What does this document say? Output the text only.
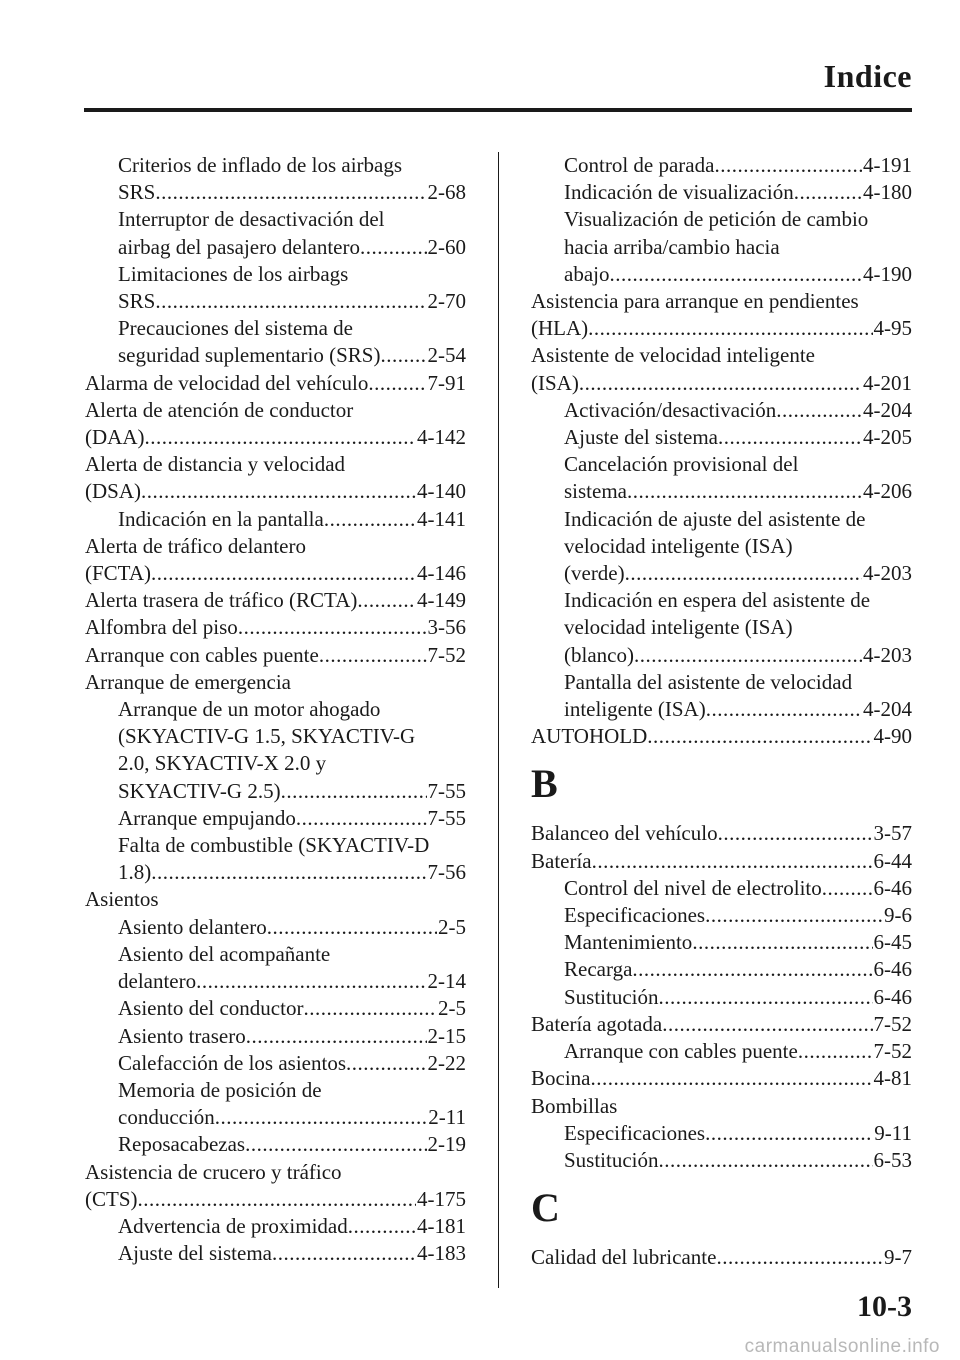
Indice
Criterios de inflado de los airbags
SRS .....	2-68
Interruptor de desactivación del
airbag del pasajero delantero .....	2-60
Limitaciones de los airbags
SRS .....	2-70
Precauciones del sistema de
seguridad suplementario (SRS) ..... 2-54
Alarma de velocidad del vehículo .....	7-91
Alerta de atención de conductor
(DAA) .....	4-142
Alerta de distancia y velocidad
(DSA) .....	4-140
Indicación en la pantalla .....	4-141
Alerta de tráfico delantero
(FCTA) .....	4-146
Alerta trasera de tráfico (RCTA) .....	4-149
Alfombra del piso .....	3-56
Arranque con cables puente .....	7-52
Arranque de emergencia
Arranque de un motor ahogado
(SKYACTIV-G 1.5, SKYACTIV-G
2.0, SKYACTIV-X 2.0 y
SKYACTIV-G 2.5) .....	7-55
Arranque empujando .....	7-55
Falta de combustible (SKYACTIV-D
1.8) .....	7-56
Asientos
Asiento delantero .....	2-5
Asiento del acompañante
delantero .....	2-14
Asiento del conductor .....	2-5
Asiento trasero .....	2-15
Calefacción de los asientos .....	2-22
Memoria de posición de
conducción .....	2-11
Reposacabezas .....	2-19
Asistencia de crucero y tráfico
(CTS) .....	4-175
Advertencia de proximidad .....	4-181
Ajuste del sistema .....	4-183
Control de parada .....	4-191
Indicación de visualización .....	4-180
Visualización de petición de cambio
hacia arriba/cambio hacia
abajo .....	4-190
Asistencia para arranque en pendientes
(HLA) .....	4-95
Asistente de velocidad inteligente
(ISA) .....	4-201
Activación/desactivación .....	4-204
Ajuste del sistema .....	4-205
Cancelación provisional del
sistema .....	4-206
Indicación de ajuste del asistente de
velocidad inteligente (ISA)
(verde) .....	4-203
Indicación en espera del asistente de
velocidad inteligente (ISA)
(blanco) .....	4-203
Pantalla del asistente de velocidad
inteligente (ISA) .....	4-204
AUTOHOLD .....	4-90
B
Balanceo del vehículo .....	3-57
Batería .....	6-44
Control del nivel de electrolito ..... 6-46
Especificaciones .....	9-6
Mantenimiento .....	6-45
Recarga .....	6-46
Sustitución .....	6-46
Batería agotada .....	7-52
Arranque con cables puente .....	7-52
Bocina .....	4-81
Bombillas
Especificaciones .....	9-11
Sustitución .....	6-53
C
Calidad del lubricante .....	9-7
10-3
carmanualsonline.info
